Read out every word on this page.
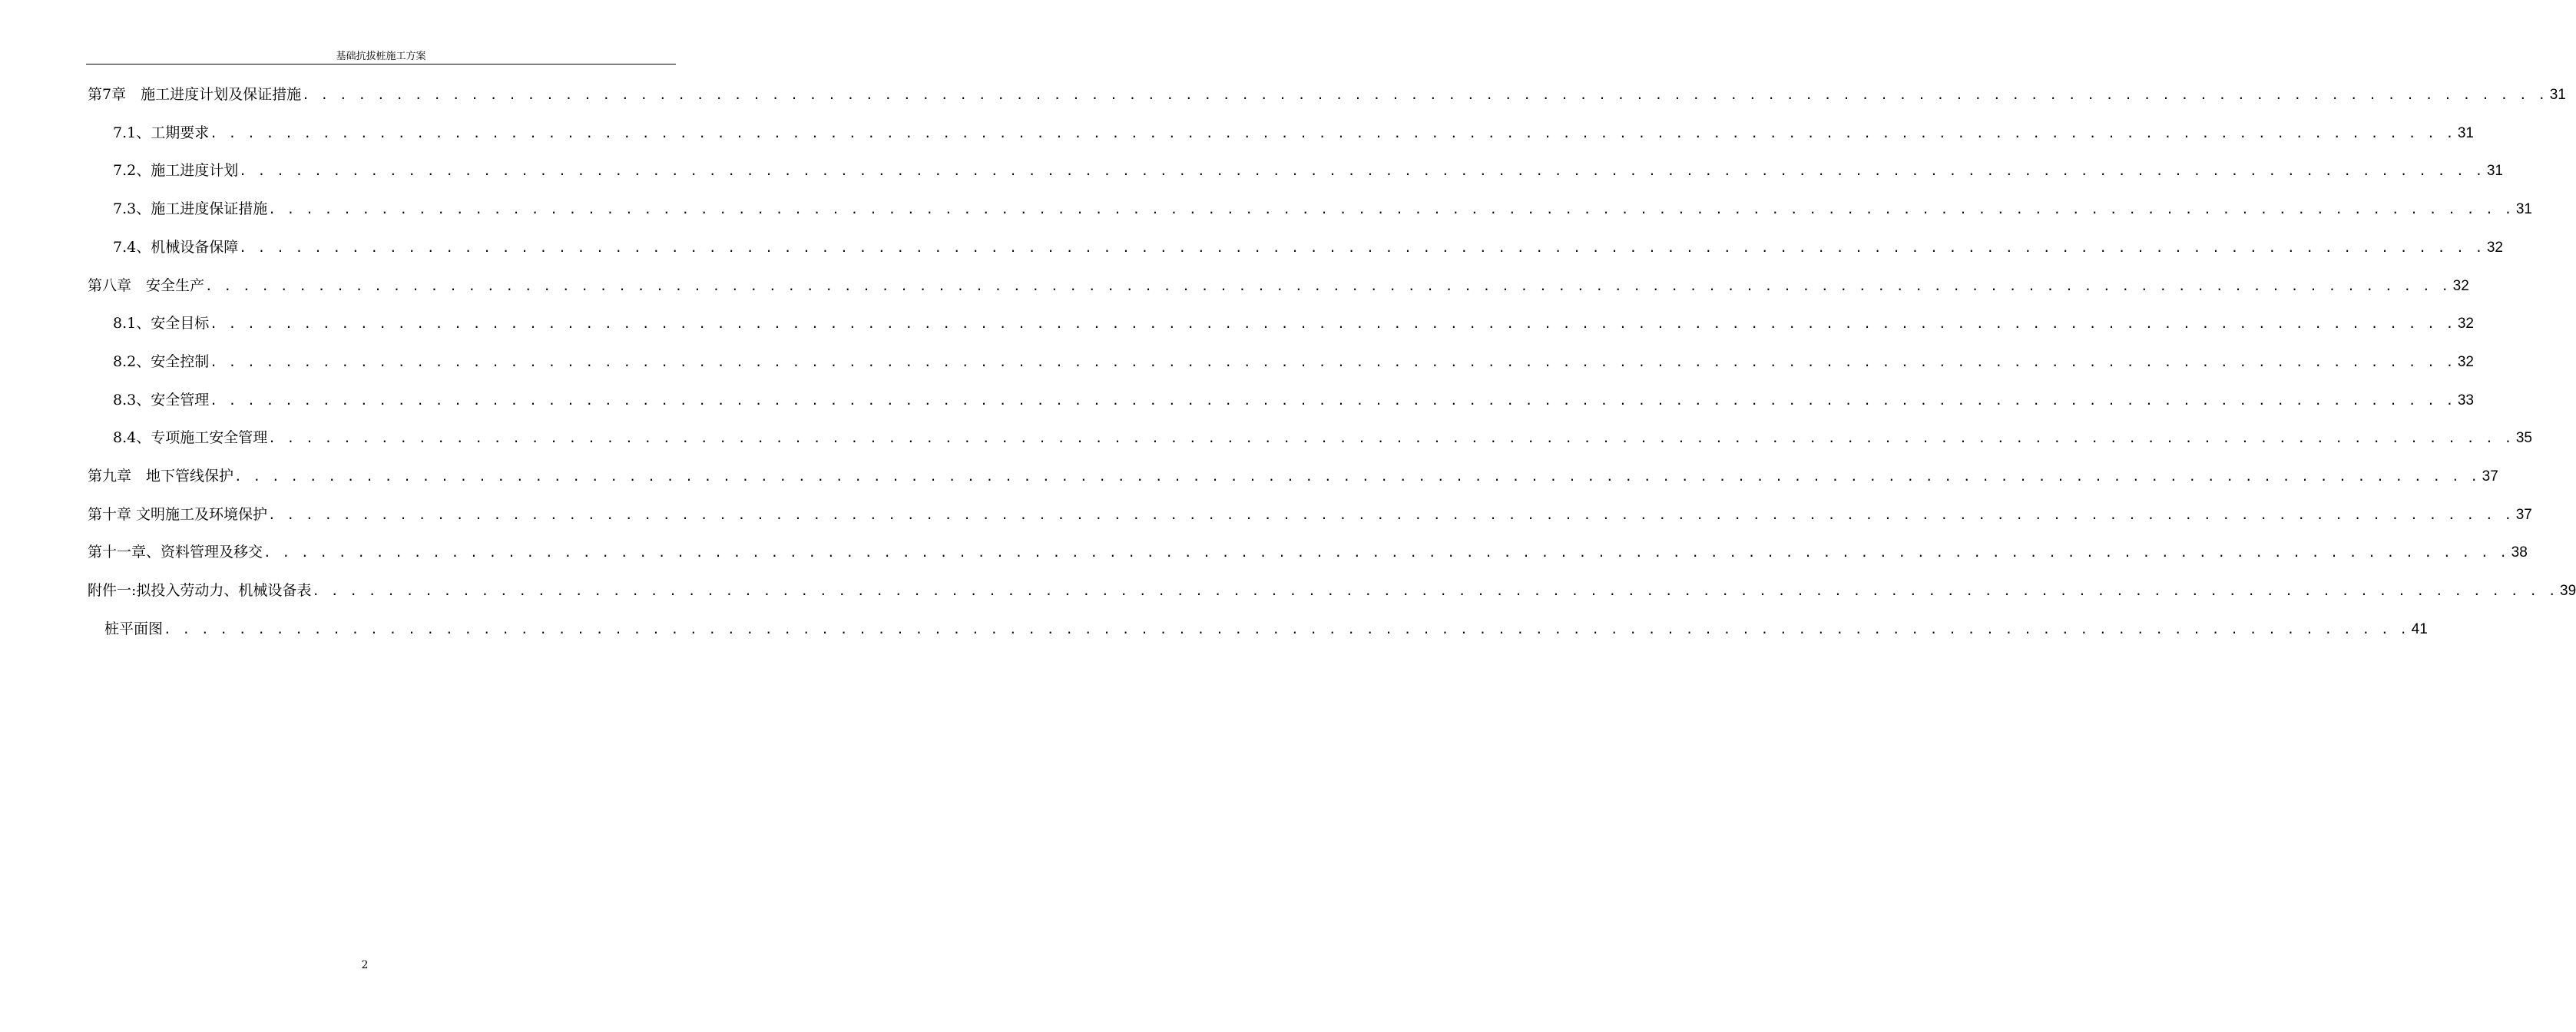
基础抗拔桩施工方案
第7章　施工进度计划及保证措施 . . . . . . . . . . . . . . . . . . . . . . . . . . . . . . . . . . . . . . . . . . . . . . . . . . . . . . . . . . . . . . . . . . . . . . . . . . . . . . . . . . . . . . . . . . . . . . . . . . . . . . . . . . . . . . . . . . . . . . . . 31
7.1、工期要求 . . . . . . . . . . . . . . . . . . . . . . . . . . . . . . . . . . . . . . . . . . . . . . . . . . . . . . . . . . . . . . . . . . . . . . . . . . . . . . . . . . . . . . . . . . . . . . . . . . . . . . . . . . . . . . . . . . . . . . . . 31
7.2、施工进度计划 . . . . . . . . . . . . . . . . . . . . . . . . . . . . . . . . . . . . . . . . . . . . . . . . . . . . . . . . . . . . . . . . . . . . . . . . . . . . . . . . . . . . . . . . . . . . . . . . . . . . . . . . . . . . . . . . . . . . . . . . 31
7.3、施工进度保证措施 . . . . . . . . . . . . . . . . . . . . . . . . . . . . . . . . . . . . . . . . . . . . . . . . . . . . . . . . . . . . . . . . . . . . . . . . . . . . . . . . . . . . . . . . . . . . . . . . . . . . . . . . . . . . . . . . . . . . . . . . 31
7.4、机械设备保障 . . . . . . . . . . . . . . . . . . . . . . . . . . . . . . . . . . . . . . . . . . . . . . . . . . . . . . . . . . . . . . . . . . . . . . . . . . . . . . . . . . . . . . . . . . . . . . . . . . . . . . . . . . . . . . . . . . . . . . . . 32
第八章　安全生产 . . . . . . . . . . . . . . . . . . . . . . . . . . . . . . . . . . . . . . . . . . . . . . . . . . . . . . . . . . . . . . . . . . . . . . . . . . . . . . . . . . . . . . . . . . . . . . . . . . . . . . . . . . . . . . . . . . . . . . . . 32
8.1、安全目标 . . . . . . . . . . . . . . . . . . . . . . . . . . . . . . . . . . . . . . . . . . . . . . . . . . . . . . . . . . . . . . . . . . . . . . . . . . . . . . . . . . . . . . . . . . . . . . . . . . . . . . . . . . . . . . . . . . . . . . . . 32
8.2、安全控制 . . . . . . . . . . . . . . . . . . . . . . . . . . . . . . . . . . . . . . . . . . . . . . . . . . . . . . . . . . . . . . . . . . . . . . . . . . . . . . . . . . . . . . . . . . . . . . . . . . . . . . . . . . . . . . . . . . . . . . . . 32
8.3、安全管理 . . . . . . . . . . . . . . . . . . . . . . . . . . . . . . . . . . . . . . . . . . . . . . . . . . . . . . . . . . . . . . . . . . . . . . . . . . . . . . . . . . . . . . . . . . . . . . . . . . . . . . . . . . . . . . . . . . . . . . . . 33
8.4、专项施工安全管理 . . . . . . . . . . . . . . . . . . . . . . . . . . . . . . . . . . . . . . . . . . . . . . . . . . . . . . . . . . . . . . . . . . . . . . . . . . . . . . . . . . . . . . . . . . . . . . . . . . . . . . . . . . . . . . . . . . . . . . . . 35
第九章　地下管线保护 . . . . . . . . . . . . . . . . . . . . . . . . . . . . . . . . . . . . . . . . . . . . . . . . . . . . . . . . . . . . . . . . . . . . . . . . . . . . . . . . . . . . . . . . . . . . . . . . . . . . . . . . . . . . . . . . . . . . . . . . 37
第十章 文明施工及环境保护 . . . . . . . . . . . . . . . . . . . . . . . . . . . . . . . . . . . . . . . . . . . . . . . . . . . . . . . . . . . . . . . . . . . . . . . . . . . . . . . . . . . . . . . . . . . . . . . . . . . . . . . . . . . . . . . . . . . . . . . . 37
第十一章、资料管理及移交 . . . . . . . . . . . . . . . . . . . . . . . . . . . . . . . . . . . . . . . . . . . . . . . . . . . . . . . . . . . . . . . . . . . . . . . . . . . . . . . . . . . . . . . . . . . . . . . . . . . . . . . . . . . . . . . . . . . . . . . . 38
附件一:拟投入劳动力、机械设备表 . . . . . . . . . . . . . . . . . . . . . . . . . . . . . . . . . . . . . . . . . . . . . . . . . . . . . . . . . . . . . . . . . . . . . . . . . . . . . . . . . . . . . . . . . . . . . . . . . . . . . . . . . . . . . . . . . . . . . . . . 39
桩平面图 . . . . . . . . . . . . . . . . . . . . . . . . . . . . . . . . . . . . . . . . . . . . . . . . . . . . . . . . . . . . . . . . . . . . . . . . . . . . . . . . . . . . . . . . . . . . . . . . . . . . . . . . . . . . . . . . . . . . . . . . 41
2
